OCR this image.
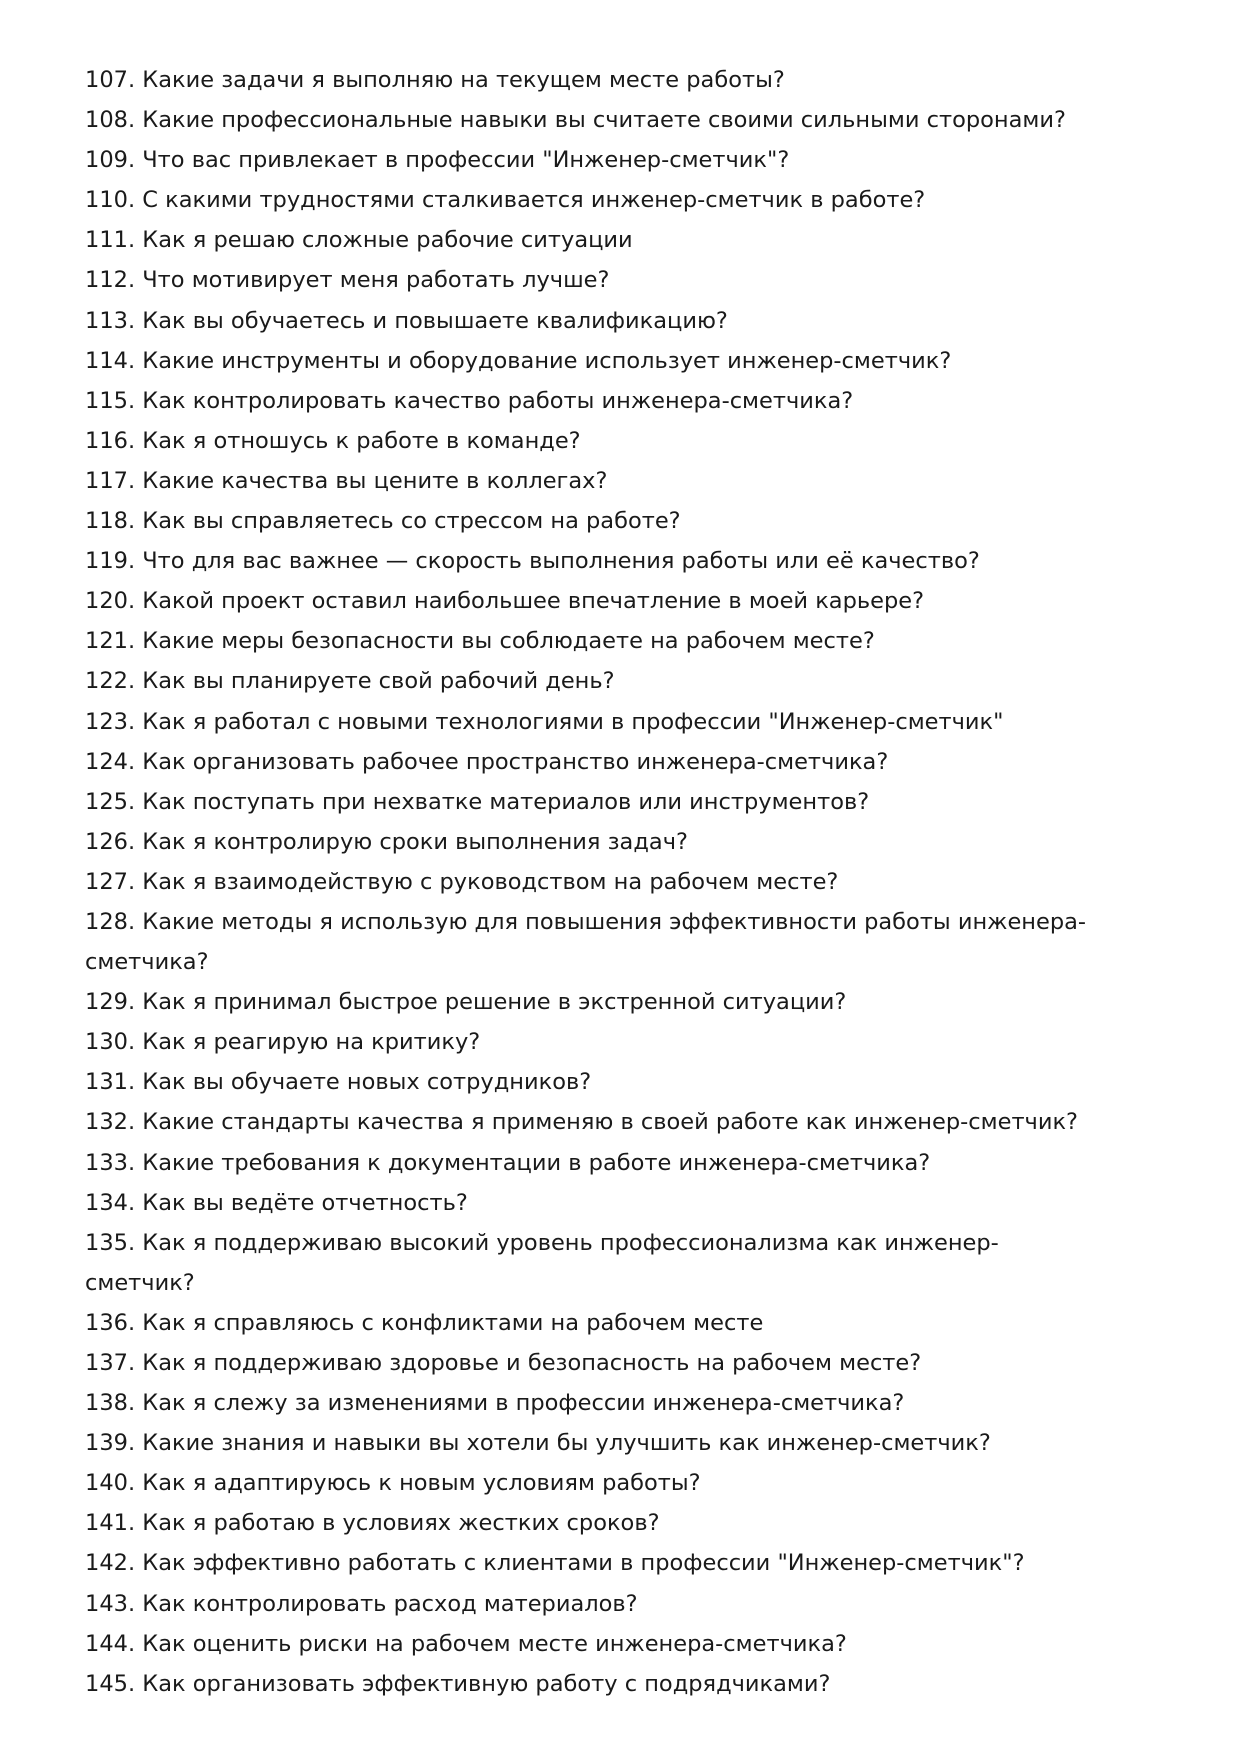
107. Какие задачи я выполняю на текущем месте работы?
108. Какие профессиональные навыки вы считаете своими сильными сторонами?
109. Что вас привлекает в профессии "Инженер-сметчик"?
110. С какими трудностями сталкивается инженер-сметчик в работе?
111. Как я решаю сложные рабочие ситуации
112. Что мотивирует меня работать лучше?
113. Как вы обучаетесь и повышаете квалификацию?
114. Какие инструменты и оборудование использует инженер-сметчик?
115. Как контролировать качество работы инженера-сметчика?
116. Как я отношусь к работе в команде?
117. Какие качества вы цените в коллегах?
118. Как вы справляетесь со стрессом на работе?
119. Что для вас важнее — скорость выполнения работы или её качество?
120. Какой проект оставил наибольшее впечатление в моей карьере?
121. Какие меры безопасности вы соблюдаете на рабочем месте?
122. Как вы планируете свой рабочий день?
123. Как я работал с новыми технологиями в профессии "Инженер-сметчик"
124. Как организовать рабочее пространство инженера-сметчика?
125. Как поступать при нехватке материалов или инструментов?
126. Как я контролирую сроки выполнения задач?
127. Как я взаимодействую с руководством на рабочем месте?
128. Какие методы я использую для повышения эффективности работы инженера-сметчика?
129. Как я принимал быстрое решение в экстренной ситуации?
130. Как я реагирую на критику?
131. Как вы обучаете новых сотрудников?
132. Какие стандарты качества я применяю в своей работе как инженер-сметчик?
133. Какие требования к документации в работе инженера-сметчика?
134. Как вы ведёте отчетность?
135. Как я поддерживаю высокий уровень профессионализма как инженер-сметчик?
136. Как я справляюсь с конфликтами на рабочем месте
137. Как я поддерживаю здоровье и безопасность на рабочем месте?
138. Как я слежу за изменениями в профессии инженера-сметчика?
139. Какие знания и навыки вы хотели бы улучшить как инженер-сметчик?
140. Как я адаптируюсь к новым условиям работы?
141. Как я работаю в условиях жестких сроков?
142. Как эффективно работать с клиентами в профессии "Инженер-сметчик"?
143. Как контролировать расход материалов?
144. Как оценить риски на рабочем месте инженера-сметчика?
145. Как организовать эффективную работу с подрядчиками?
